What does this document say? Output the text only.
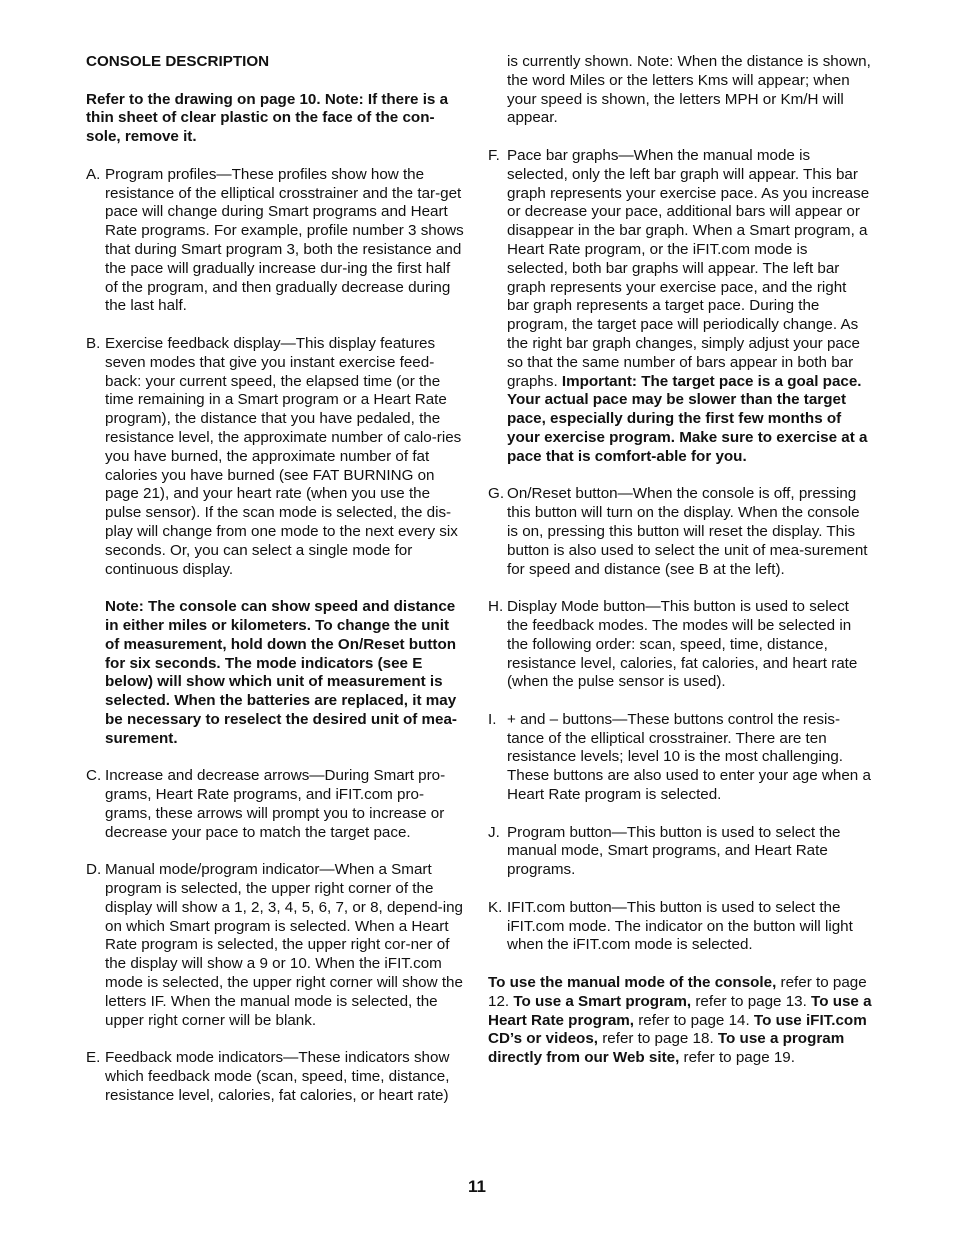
CONSOLE DESCRIPTION

Refer to the drawing on page 10. Note: If there is a thin sheet of clear plastic on the face of the con-sole, remove it.

A. Program profiles—These profiles show how the resistance of the elliptical crosstrainer and the tar-get pace will change during Smart programs and Heart Rate programs. For example, profile number 3 shows that during Smart program 3, both the resistance and the pace will gradually increase dur-ing the first half of the program, and then gradually decrease during the last half.
B. Exercise feedback display—This display features seven modes that give you instant exercise feed-back: your current speed, the elapsed time (or the time remaining in a Smart program or a Heart Rate program), the distance that you have pedaled, the resistance level, the approximate number of calo-ries you have burned, the approximate number of fat calories you have burned (see FAT BURNING on page 21), and your heart rate (when you use the pulse sensor). If the scan mode is selected, the dis-play will change from one mode to the next every six seconds. Or, you can select a single mode for continuous display.
Note: The console can show speed and distance in either miles or kilometers. To change the unit of measurement, hold down the On/Reset button for six seconds. The mode indicators (see E below) will show which unit of measurement is selected. When the batteries are replaced, it may be necessary to reselect the desired unit of mea-surement.
C. Increase and decrease arrows—During Smart pro-grams, Heart Rate programs, and iFIT.com pro-grams, these arrows will prompt you to increase or decrease your pace to match the target pace.
D. Manual mode/program indicator—When a Smart program is selected, the upper right corner of the display will show a 1, 2, 3, 4, 5, 6, 7, or 8, depend-ing on which Smart program is selected. When a Heart Rate program is selected, the upper right cor-ner of the display will show a 9 or 10. When the iFIT.com mode is selected, the upper right corner will show the letters IF. When the manual mode is selected, the upper right corner will be blank.
E. Feedback mode indicators—These indicators show which feedback mode (scan, speed, time, distance, resistance level, calories, fat calories, or heart rate)

is currently shown. Note: When the distance is shown, the word Miles or the letters Kms will appear; when your speed is shown, the letters MPH or Km/H will appear.

F. Pace bar graphs—When the manual mode is selected, only the left bar graph will appear. This bar graph represents your exercise pace. As you increase or decrease your pace, additional bars will appear or disappear in the bar graph. When a Smart program, a Heart Rate program, or the iFIT.com mode is selected, both bar graphs will appear. The left bar graph represents your exercise pace, and the right bar graph represents a target pace. During the program, the target pace will periodically change. As the right bar graph changes, simply adjust your pace so that the same number of bars appear in both bar graphs. Important: The target pace is a goal pace. Your actual pace may be slower than the target pace, especially during the first few months of your exercise program. Make sure to exercise at a pace that is comfort-able for you.
G. On/Reset button—When the console is off, pressing this button will turn on the display. When the console is on, pressing this button will reset the display. This button is also used to select the unit of mea-surement for speed and distance (see B at the left).
H. Display Mode button—This button is used to select the feedback modes. The modes will be selected in the following order: scan, speed, time, distance, resistance level, calories, fat calories, and heart rate (when the pulse sensor is used).
I. + and – buttons—These buttons control the resis-tance of the elliptical crosstrainer. There are ten resistance levels; level 10 is the most challenging. These buttons are also used to enter your age when a Heart Rate program is selected.
J. Program button—This button is used to select the manual mode, Smart programs, and Heart Rate programs.
K. IFIT.com button—This button is used to select the iFIT.com mode. The indicator on the button will light when the iFIT.com mode is selected.

To use the manual mode of the console, refer to page 12. To use a Smart program, refer to page 13. To use a Heart Rate program, refer to page 14. To use iFIT.com CD’s or videos, refer to page 18. To use a program directly from our Web site, refer to page 19.

11
